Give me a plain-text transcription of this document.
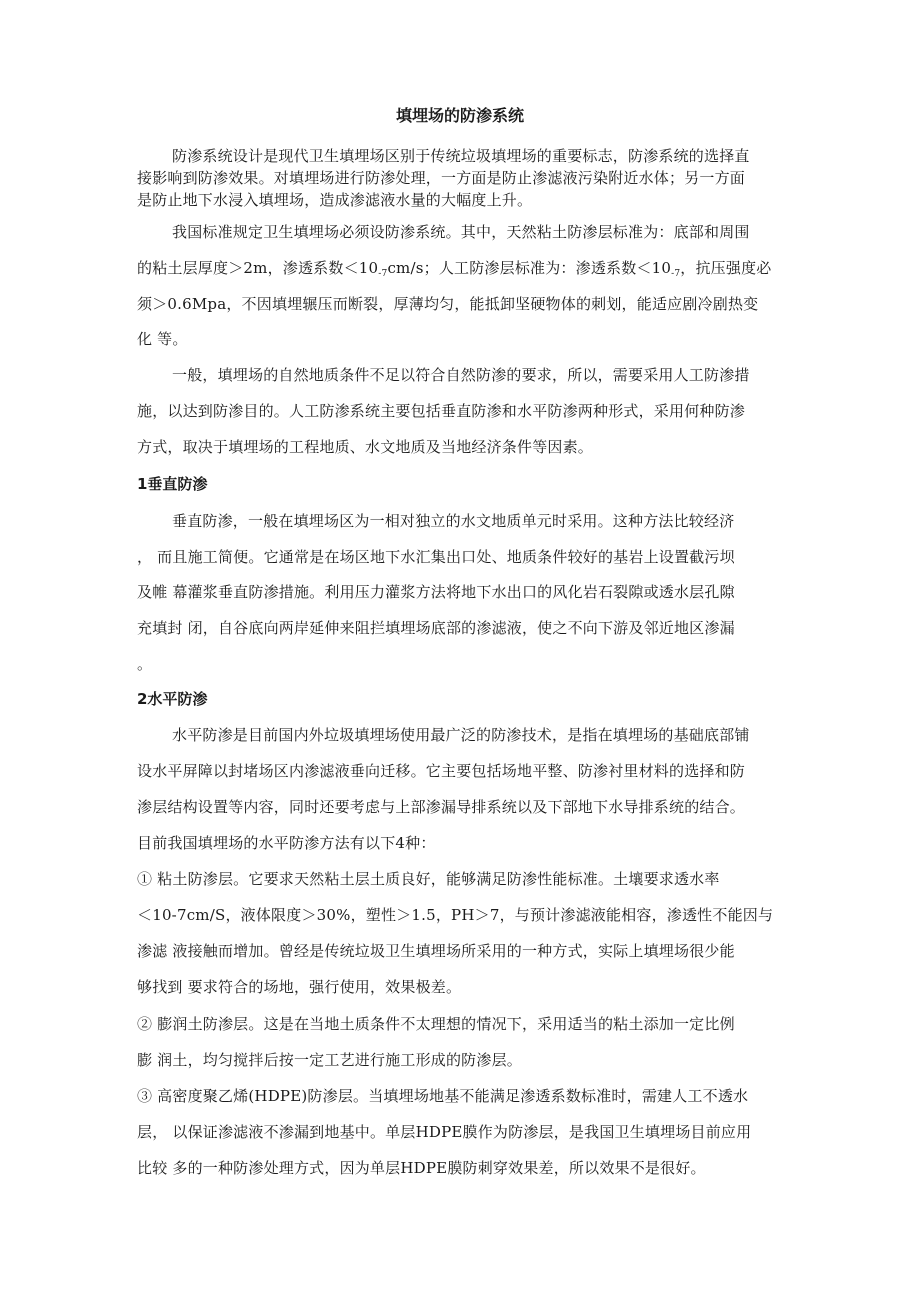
填埋场的防渗系统

防渗系统设计是现代卫生填埋场区别于传统垃圾填埋场的重要标志，防渗系统的选择直

接影响到防渗效果。对填埋场进行防渗处理，一方面是防止渗滤液污染附近水体；另一方面

是防止地下水浸入填埋场，造成渗滤液水量的大幅度上升。

我国标准规定卫生填埋场必须设防渗系统。其中，天然粘土防渗层标准为：底部和周围

的粘土层厚度＞2m，渗透系数$<10_{-7}cm/s$；人工防渗层标准为：渗透系数$<10_{-7}$，抗压强度必

须＞0.6Mpa，不因填埋辗压而断裂，厚薄均匀，能抵卸坚硬物体的刺划，能适应剧冷剧热变

化 等。

一般，填埋场的自然地质条件不足以符合自然防渗的要求，所以，需要采用人工防渗措

施，以达到防渗目的。人工防渗系统主要包括垂直防渗和水平防渗两种形式，采用何种防渗

方式，取决于填埋场的工程地质、水文地质及当地经济条件等因素。

1垂直防渗

垂直防渗，一般在填埋场区为一相对独立的水文地质单元时采用。这种方法比较经济

， 而且施工简便。它通常是在场区地下水汇集出口处、地质条件较好的基岩上设置截污坝

及帷 幕灌浆垂直防渗措施。利用压力灌浆方法将地下水出口的风化岩石裂隙或透水层孔隙

充填封 闭，自谷底向两岸延伸来阻拦填埋场底部的渗滤液，使之不向下游及邻近地区渗漏

。

2水平防渗

水平防渗是目前国内外垃圾填埋场使用最广泛的防渗技术，是指在填埋场的基础底部铺

设水平屏障以封堵场区内渗滤液垂向迁移。它主要包括场地平整、防渗衬里材料的选择和防

渗层结构设置等内容，同时还要考虑与上部渗漏导排系统以及下部地下水导排系统的结合。

目前我国填埋场的水平防渗方法有以下4种：

① 粘土防渗层。它要求天然粘土层土质良好，能够满足防渗性能标准。土壤要求透水率

＜10-7cm/S，液体限度＞30%，塑性＞1.5，PH＞7，与预计渗滤液能相容，渗透性不能因与

渗滤 液接触而增加。曾经是传统垃圾卫生填埋场所采用的一种方式，实际上填埋场很少能

够找到 要求符合的场地，强行使用，效果极差。

② 膨润土防渗层。这是在当地土质条件不太理想的情况下，采用适当的粘土添加一定比例

膨 润土，均匀搅拌后按一定工艺进行施工形成的防渗层。

③ 高密度聚乙烯(HDPE)防渗层。当填埋场地基不能满足渗透系数标准时，需建人工不透水

层， 以保证渗滤液不渗漏到地基中。单层HDPE膜作为防渗层，是我国卫生填埋场目前应用

比较 多的一种防渗处理方式，因为单层HDPE膜防刺穿效果差，所以效果不是很好。
